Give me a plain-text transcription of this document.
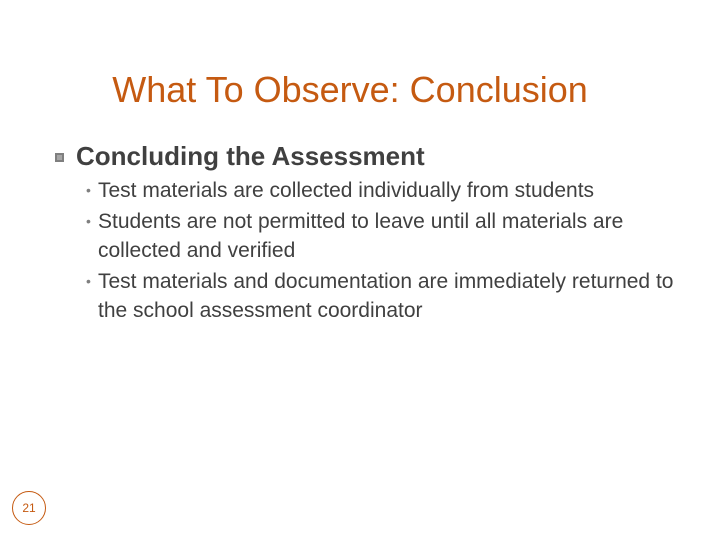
What To Observe: Conclusion
Concluding the Assessment
• Test materials are collected individually from students
• Students are not permitted to leave until all materials are collected and verified
• Test materials and documentation are immediately returned to the school assessment coordinator
21
